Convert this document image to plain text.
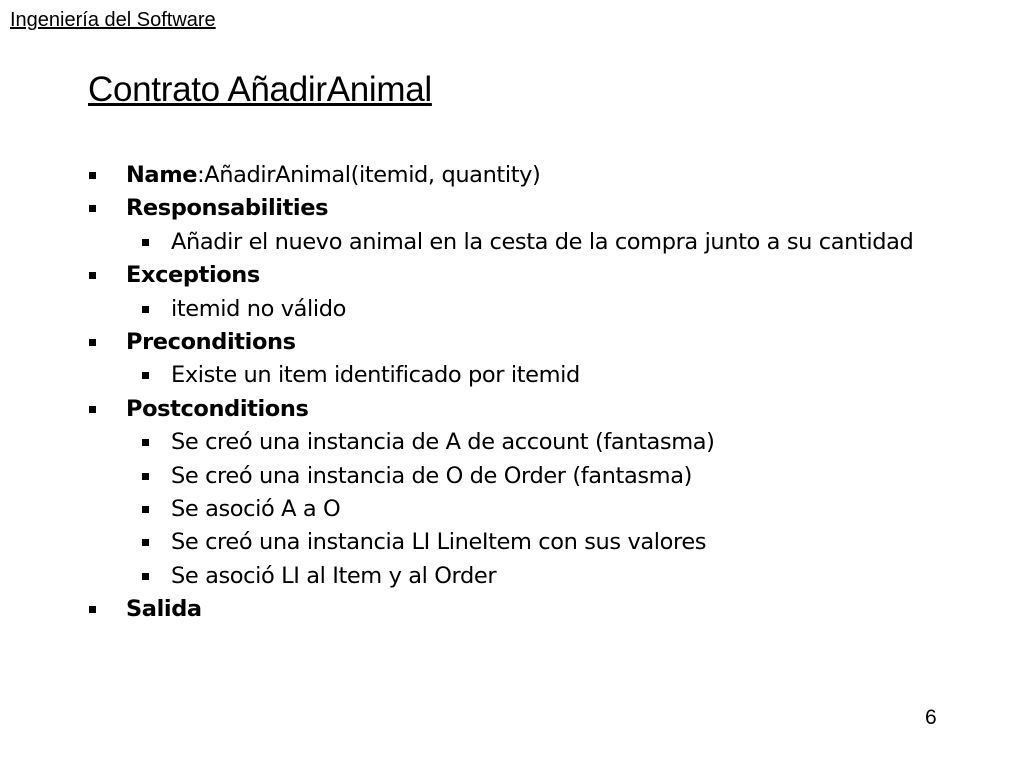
Ingeniería del Software
Contrato AñadirAnimal
Name:AñadirAnimal(itemid, quantity)
Responsabilities
Añadir el nuevo animal en la cesta de la compra junto a su cantidad
Exceptions
itemid no válido
Preconditions
Existe un item identificado por itemid
Postconditions
Se creó una instancia de A de account (fantasma)
Se creó una instancia de O de Order (fantasma)
Se asoció A a O
Se creó una instancia LI LineItem con sus valores
Se asoció LI al Item y al Order
Salida
6
